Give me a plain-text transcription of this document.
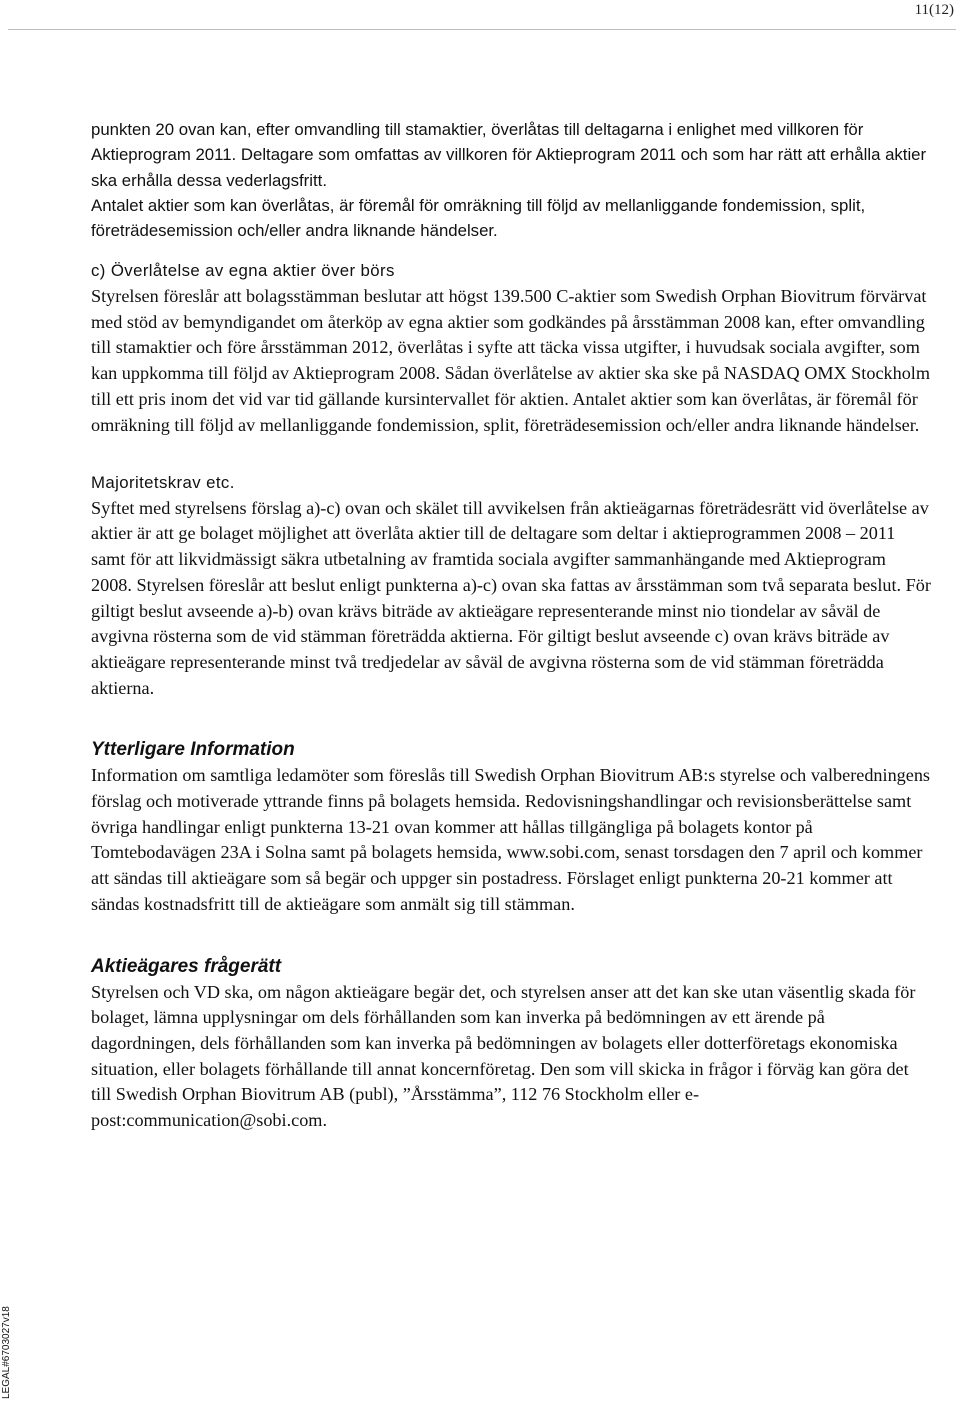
11(12)

punkten 20 ovan kan, efter omvandling till stamaktier, överlåtas till deltagarna i enlighet med villkoren för Aktieprogram 2011. Deltagare som omfattas av villkoren för Aktieprogram 2011 och som har rätt att erhålla aktier ska erhålla dessa vederlagsfritt.

Antalet aktier som kan överlåtas, är föremål för omräkning till följd av mellanliggande fondemission, split, företrädesemission och/eller andra liknande händelser.

c) Överlåtelse av egna aktier över börs

Styrelsen föreslår att bolagsstämman beslutar att högst 139.500 C-aktier som Swedish Orphan Biovitrum förvärvat med stöd av bemyndigandet om återköp av egna aktier som godkändes på årsstämman 2008 kan, efter omvandling till stamaktier och före årsstämman 2012, överlåtas i syfte att täcka vissa utgifter, i huvudsak sociala avgifter, som kan uppkomma till följd av Aktieprogram 2008. Sådan överlåtelse av aktier ska ske på NASDAQ OMX Stockholm till ett pris inom det vid var tid gällande kursintervallet för aktien. Antalet aktier som kan överlåtas, är föremål för omräkning till följd av mellanliggande fondemission, split, företrädesemission och/eller andra liknande händelser.

Majoritetskrav etc.

Syftet med styrelsens förslag a)-c) ovan och skälet till avvikelsen från aktieägarnas företrädesrätt vid överlåtelse av aktier är att ge bolaget möjlighet att överlåta aktier till de deltagare som deltar i aktieprogrammen 2008 – 2011 samt för att likvidmässigt säkra utbetalning av framtida sociala avgifter sammanhängande med Aktieprogram 2008. Styrelsen föreslår att beslut enligt punkterna a)-c) ovan ska fattas av årsstämman som två separata beslut. För giltigt beslut avseende a)-b) ovan krävs biträde av aktieägare representerande minst nio tiondelar av såväl de avgivna rösterna som de vid stämman företrädda aktierna. För giltigt beslut avseende c) ovan krävs biträde av aktieägare representerande minst två tredjedelar av såväl de avgivna rösterna som de vid stämman företrädda aktierna.

Ytterligare Information

Information om samtliga ledamöter som föreslås till Swedish Orphan Biovitrum AB:s styrelse och valberedningens förslag och motiverade yttrande finns på bolagets hemsida. Redovisningshandlingar och revisionsberättelse samt övriga handlingar enligt punkterna 13-21 ovan kommer att hållas tillgängliga på bolagets kontor på Tomtebodavägen 23A i Solna samt på bolagets hemsida, www.sobi.com, senast torsdagen den 7 april och kommer att sändas till aktieägare som så begär och uppger sin postadress. Förslaget enligt punkterna 20-21 kommer att sändas kostnadsfritt till de aktieägare som anmält sig till stämman.

Aktieägares frågerätt

Styrelsen och VD ska, om någon aktieägare begär det, och styrelsen anser att det kan ske utan väsentlig skada för bolaget, lämna upplysningar om dels förhållanden som kan inverka på bedömningen av ett ärende på dagordningen, dels förhållanden som kan inverka på bedömningen av bolagets eller dotterföretags ekonomiska situation, eller bolagets förhållande till annat koncernföretag. Den som vill skicka in frågor i förväg kan göra det till Swedish Orphan Biovitrum AB (publ), ”Årsstämma”, 112 76 Stockholm eller e-post:communication@sobi.com.

LEGAL#6703027v18
